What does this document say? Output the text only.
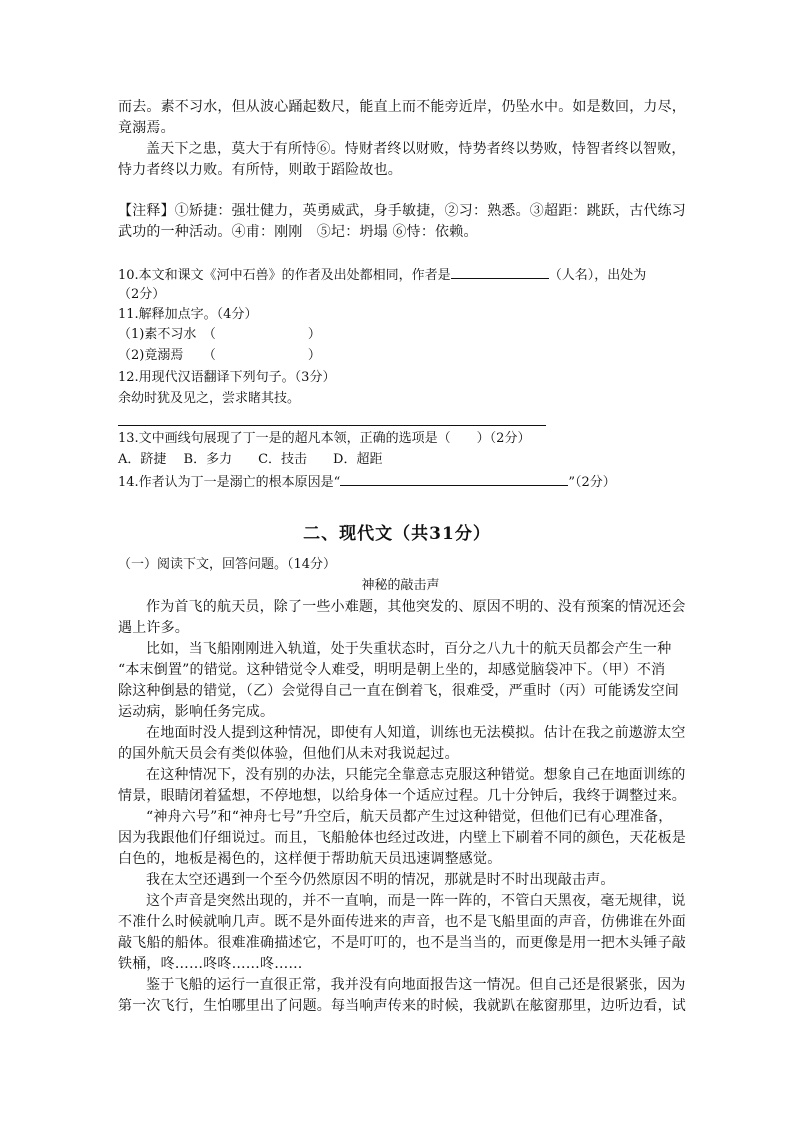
而去。素不习水，但从波心踊起数尺，能直上而不能旁近岸，仍坠水中。如是数回，力尽，
竟溺焉。
盖天下之患，莫大于有所恃⑥。恃财者终以财败，恃势者终以势败，恃智者终以智败，
恃力者终以力败。有所恃，则敢于蹈险故也。
【注释】①矫捷：强壮健力，英勇威武，身手敏捷，②习：熟悉。③超距：跳跃，古代练习
武功的一种活动。④甫：刚刚　⑤圮：坍塌 ⑥恃：依赖。
10.本文和课文《河中石兽》的作者及出处都相同，作者是	（人名），出处为
（2分）
11.解释加点字。（4分）
（1)素不习水　（	）
（2)竟溺焉　　（	）
12.用现代汉语翻译下列句子。（3分）
余幼时犹及见之，尝求睹其技。
13.文中画线句展现了丁一是的超凡本领，正确的选项是（　　）（2分）
A．跻捷　 B．多力　　C．技击　　D．超距
14.作者认为丁一是溺亡的根本原因是“	”（2分）
二、现代文（共31分）
（一）阅读下文，回答问题。（14分）
神秘的敲击声
作为首飞的航天员，除了一些小难题，其他突发的、原因不明的、没有预案的情况还会
遇上许多。
比如，当飞船刚刚进入轨道，处于失重状态时，百分之八九十的航天员都会产生一种
“本末倒置”的错觉。这种错觉令人难受，明明是朝上坐的，却感觉脑袋冲下。（甲）不消
除这种倒悬的错觉，（乙）会觉得自己一直在倒着飞，很难受，严重时（丙）可能诱发空间
运动病，影响任务完成。
在地面时没人提到这种情况，即使有人知道，训练也无法模拟。估计在我之前遨游太空
的国外航天员会有类似体验，但他们从未对我说起过。
在这种情况下，没有别的办法，只能完全靠意志克服这种错觉。想象自己在地面训练的
情景，眼睛闭着猛想，不停地想，以给身体一个适应过程。几十分钟后，我终于调整过来。
“神舟六号”和“神舟七号”升空后，航天员都产生过这种错觉，但他们已有心理准备，
因为我跟他们仔细说过。而且，飞船舱体也经过改进，内壁上下刷着不同的颜色，天花板是
白色的，地板是褐色的，这样便于帮助航天员迅速调整感觉。
我在太空还遇到一个至今仍然原因不明的情况，那就是时不时出现敲击声。
这个声音是突然出现的，并不一直响，而是一阵一阵的，不管白天黑夜，毫无规律，说
不准什么时候就响几声。既不是外面传进来的声音，也不是飞船里面的声音，仿佛谁在外面
敲飞船的船体。很难准确描述它，不是叮叮的，也不是当当的，而更像是用一把木头锤子敲
铁桶，咚……咚咚……咚……
鉴于飞船的运行一直很正常，我并没有向地面报告这一情况。但自己还是很紧张，因为
第一次飞行，生怕哪里出了问题。每当响声传来的时候，我就趴在舷窗那里，边听边看，试
